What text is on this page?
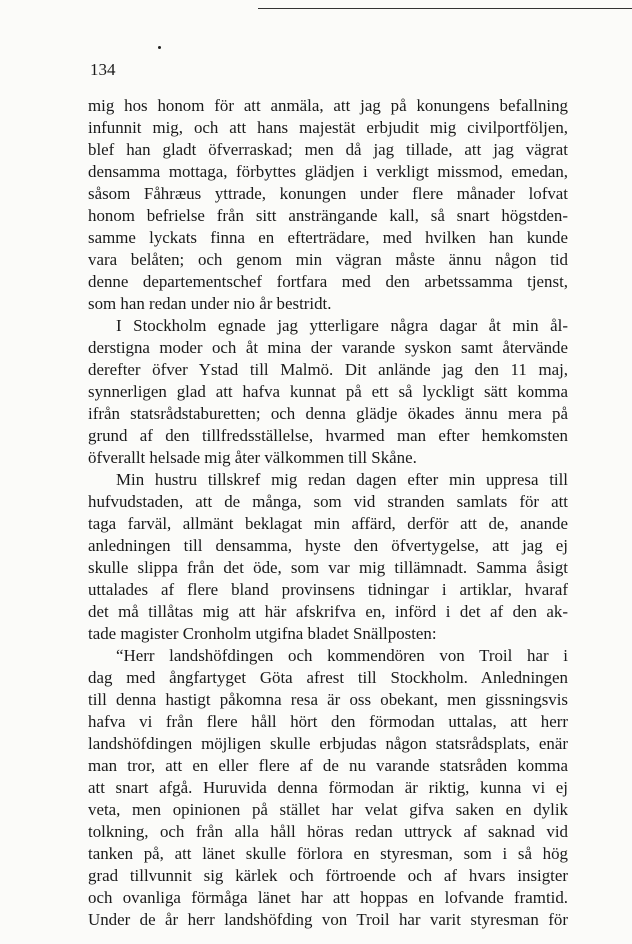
134
mig hos honom för att anmäla, att jag på konungens befallning
infunnit mig, och att hans majestät erbjudit mig civilportföljen,
blef han gladt öfverraskad; men då jag tillade, att jag vägrat
densamma mottaga, förbyttes glädjen i verkligt missmod, emedan,
såsom Fåhræus yttrade, konungen under flere månader lofvat
honom befrielse från sitt ansträngande kall, så snart högstden-
samme lyckats finna en efterträdare, med hvilken han kunde
vara belåten; och genom min vägran måste ännu någon tid
denne departementschef fortfara med den arbetssamma tjenst,
som han redan under nio år bestridt.
I Stockholm egnade jag ytterligare några dagar åt min ål-
derstigna moder och åt mina der varande syskon samt återvände
derefter öfver Ystad till Malmö. Dit anlände jag den 11 maj,
synnerligen glad att hafva kunnat på ett så lyckligt sätt komma
ifrån statsrådstaburetten; och denna glädje ökades ännu mera på
grund af den tillfredsställelse, hvarmed man efter hemkomsten
öfverallt helsade mig åter välkommen till Skåne.
Min hustru tillskref mig redan dagen efter min uppresa till
hufvudstaden, att de många, som vid stranden samlats för att
taga farväl, allmänt beklagat min affärd, derför att de, anande
anledningen till densamma, hyste den öfvertygelse, att jag ej
skulle slippa från det öde, som var mig tillämnadt. Samma åsigt
uttalades af flere bland provinsens tidningar i artiklar, hvaraf
det må tillåtas mig att här afskrifva en, införd i det af den ak-
tade magister Cronholm utgifna bladet Snällposten:
“Herr landshöfdingen och kommendören von Troil har i
dag med ångfartyget Göta afrest till Stockholm. Anledningen
till denna hastigt påkomna resa är oss obekant, men gissningsvis
hafva vi från flere håll hört den förmodan uttalas, att herr
landshöfdingen möjligen skulle erbjudas någon statsrådsplats, enär
man tror, att en eller flere af de nu varande statsråden komma
att snart afgå. Huruvida denna förmodan är riktig, kunna vi ej
veta, men opinionen på stället har velat gifva saken en dylik
tolkning, och från alla håll höras redan uttryck af saknad vid
tanken på, att länet skulle förlora en styresman, som i så hög
grad tillvunnit sig kärlek och förtroende och af hvars insigter
och ovanliga förmåga länet har att hoppas en lofvande framtid.
Under de år herr landshöfding von Troil har varit styresman för
